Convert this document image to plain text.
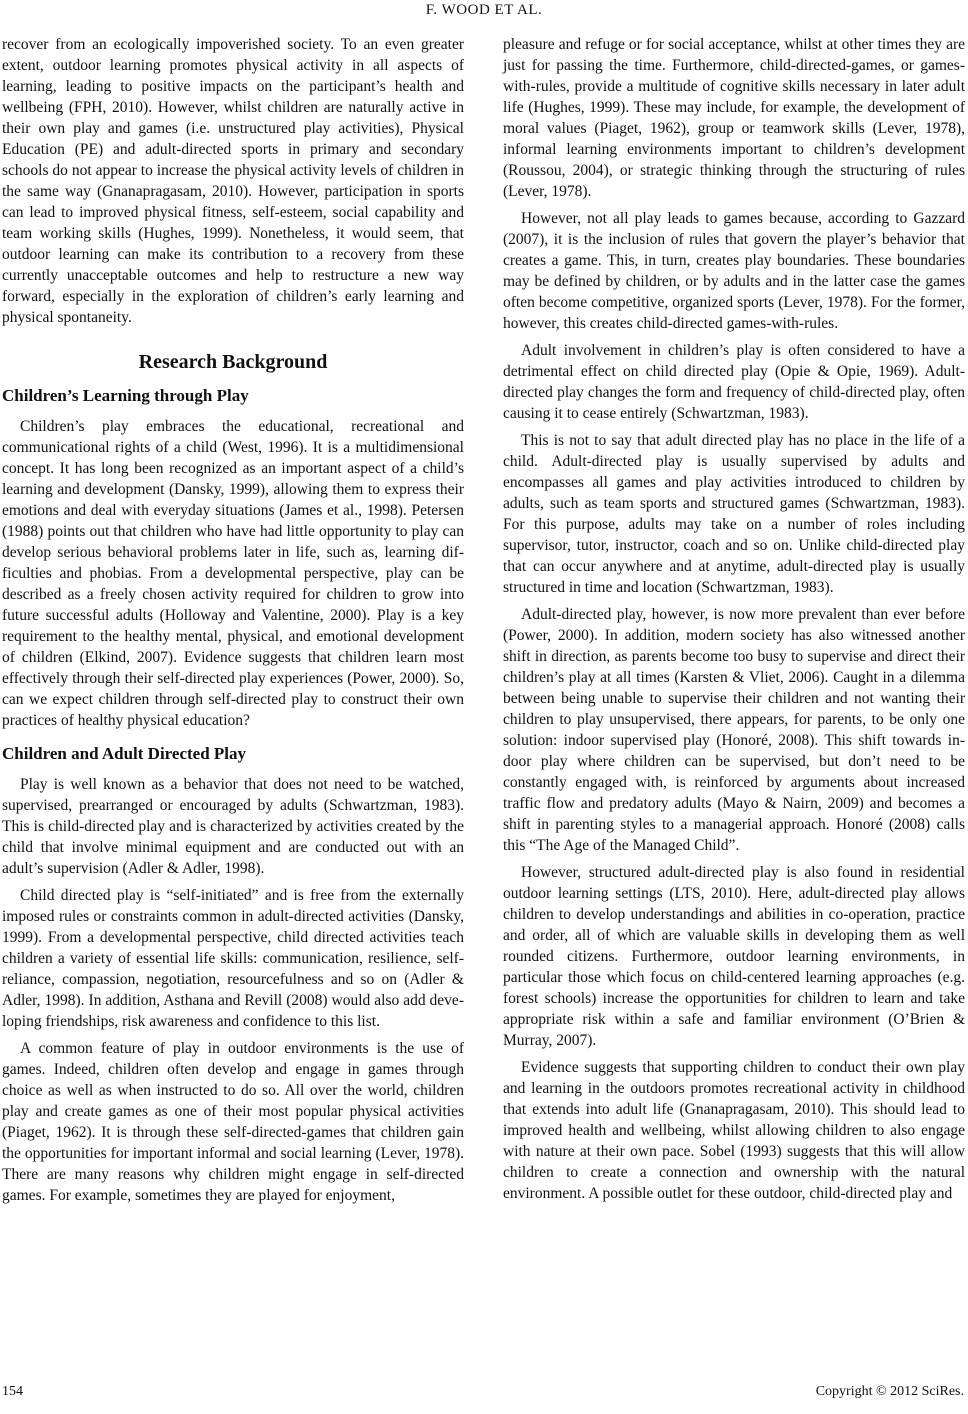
F. WOOD ET AL.

recover from an ecologically impoverished society. To an even greater extent, outdoor learning promotes physical activity in all aspects of learning, leading to positive impacts on the participant’s health and wellbeing (FPH, 2010). However, whilst children are naturally active in their own play and games (i.e. unstructured play activities), Physical Education (PE) and adult-directed sports in primary and secondary schools do not appear to increase the physical activity levels of children in the same way (Gnanapragasam, 2010). However, participation in sports can lead to improved physical fitness, self-esteem, social capability and team working skills (Hughes, 1999). Nonetheless, it would seem, that outdoor learning can make its contribution to a recovery from these currently unacceptable outcomes and help to restructure a new way forward, especially in the exploration of children’s early learning and physical spontaneity.

Research Background
Children’s Learning through Play

Children’s play embraces the educational, recreational and communicational rights of a child (West, 1996). It is a multidimensional concept. It has long been recognized as an important aspect of a child’s learning and development (Dansky, 1999), allowing them to express their emotions and deal with everyday situations (James et al., 1998). Petersen (1988) points out that children who have had little opportunity to play can develop serious behavioral problems later in life, such as, learning difficulties and phobias. From a developmental perspective, play can be described as a freely chosen activity required for children to grow into future successful adults (Holloway and Valentine, 2000). Play is a key requirement to the healthy mental, physical, and emotional development of children (Elkind, 2007). Evidence suggests that children learn most effectively through their self-directed play experiences (Power, 2000). So, can we expect children through self-directed play to construct their own practices of healthy physical education?

Children and Adult Directed Play

Play is well known as a behavior that does not need to be watched, supervised, prearranged or encouraged by adults (Schwartzman, 1983). This is child-directed play and is characterized by activities created by the child that involve minimal equipment and are conducted out with an adult’s supervision (Adler & Adler, 1998).

Child directed play is “self-initiated” and is free from the externally imposed rules or constraints common in adult-directed activities (Dansky, 1999). From a developmental perspective, child directed activities teach children a variety of essential life skills: communication, resilience, self-reliance, compassion, negotiation, resourcefulness and so on (Adler & Adler, 1998). In addition, Asthana and Revill (2008) would also add developing friendships, risk awareness and confidence to this list.

A common feature of play in outdoor environments is the use of games. Indeed, children often develop and engage in games through choice as well as when instructed to do so. All over the world, children play and create games as one of their most popular physical activities (Piaget, 1962). It is through these self-directed-games that children gain the opportunities for important informal and social learning (Lever, 1978). There are many reasons why children might engage in self-directed games. For example, sometimes they are played for enjoyment,

pleasure and refuge or for social acceptance, whilst at other times they are just for passing the time. Furthermore, child-directed-games, or games-with-rules, provide a multitude of cognitive skills necessary in later adult life (Hughes, 1999). These may include, for example, the development of moral values (Piaget, 1962), group or teamwork skills (Lever, 1978), informal learning environments important to children’s development (Roussou, 2004), or strategic thinking through the structuring of rules (Lever, 1978).

However, not all play leads to games because, according to Gazzard (2007), it is the inclusion of rules that govern the player’s behavior that creates a game. This, in turn, creates play boundaries. These boundaries may be defined by children, or by adults and in the latter case the games often become competitive, organized sports (Lever, 1978). For the former, however, this creates child-directed games-with-rules.

Adult involvement in children’s play is often considered to have a detrimental effect on child directed play (Opie & Opie, 1969). Adult-directed play changes the form and frequency of child-directed play, often causing it to cease entirely (Schwartzman, 1983).

This is not to say that adult directed play has no place in the life of a child. Adult-directed play is usually supervised by adults and encompasses all games and play activities introduced to children by adults, such as team sports and structured games (Schwartzman, 1983). For this purpose, adults may take on a number of roles including supervisor, tutor, instructor, coach and so on. Unlike child-directed play that can occur anywhere and at anytime, adult-directed play is usually structured in time and location (Schwartzman, 1983).

Adult-directed play, however, is now more prevalent than ever before (Power, 2000). In addition, modern society has also witnessed another shift in direction, as parents become too busy to supervise and direct their children’s play at all times (Karsten & Vliet, 2006). Caught in a dilemma between being unable to supervise their children and not wanting their children to play unsupervised, there appears, for parents, to be only one solution: indoor supervised play (Honoré, 2008). This shift towards indoor play where children can be supervised, but don’t need to be constantly engaged with, is reinforced by arguments about increased traffic flow and predatory adults (Mayo & Nairn, 2009) and becomes a shift in parenting styles to a managerial approach. Honoré (2008) calls this “The Age of the Managed Child”.

However, structured adult-directed play is also found in residential outdoor learning settings (LTS, 2010). Here, adult-directed play allows children to develop understandings and abilities in co-operation, practice and order, all of which are valuable skills in developing them as well rounded citizens. Furthermore, outdoor learning environments, in particular those which focus on child-centered learning approaches (e.g. forest schools) increase the opportunities for children to learn and take appropriate risk within a safe and familiar environment (O’Brien & Murray, 2007).

Evidence suggests that supporting children to conduct their own play and learning in the outdoors promotes recreational activity in childhood that extends into adult life (Gnanapragasam, 2010). This should lead to improved health and wellbeing, whilst allowing children to also engage with nature at their own pace. Sobel (1993) suggests that this will allow children to create a connection and ownership with the natural environment. A possible outlet for these outdoor, child-directed play and

154	Copyright © 2012 SciRes.
